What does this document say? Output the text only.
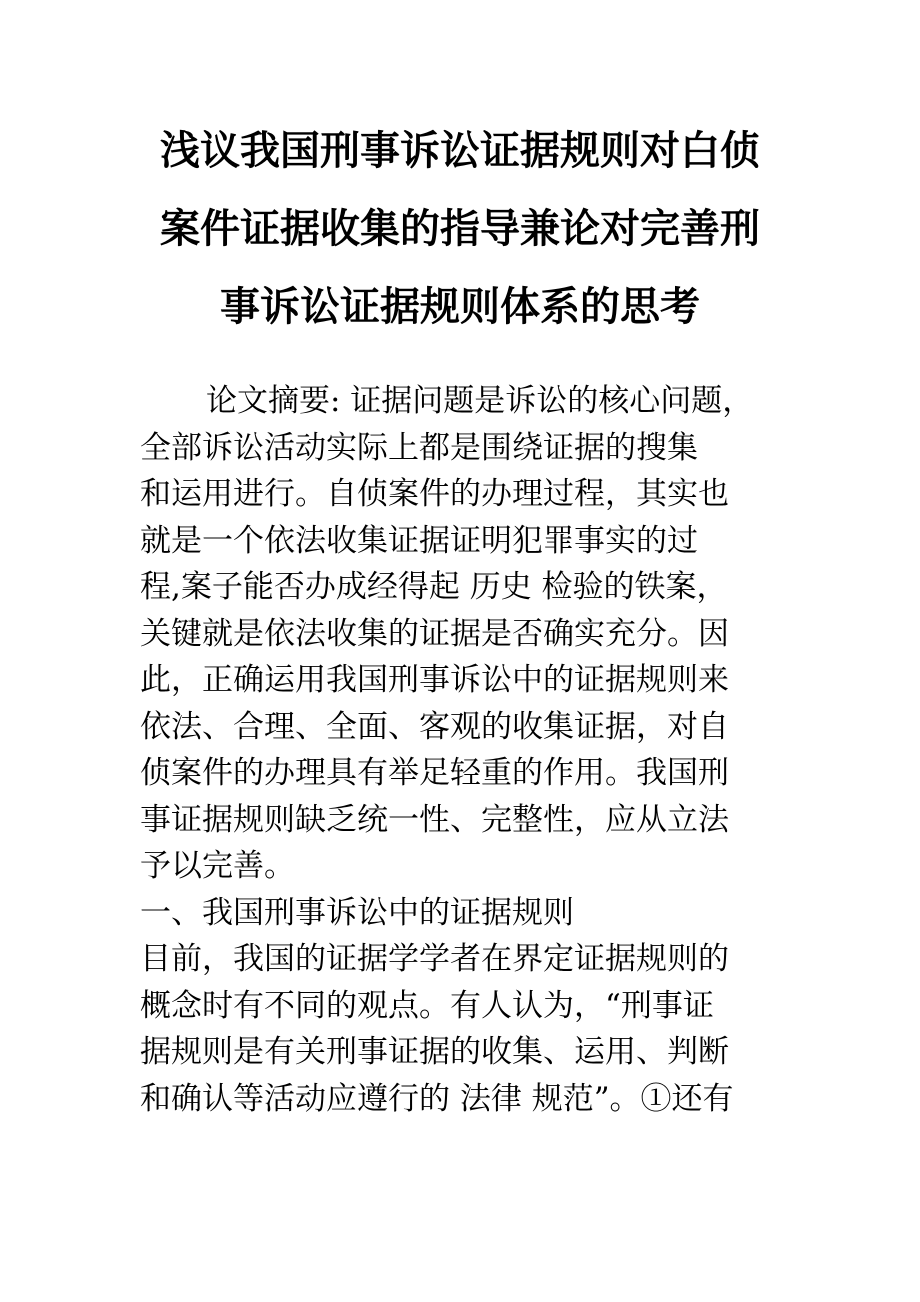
浅议我国刑事诉讼证据规则对白侦
案件证据收集的指导兼论对完善刑
事诉讼证据规则体系的思考
论文摘要: 证据问题是诉讼的核心问题，
全部诉讼活动实际上都是围绕证据的搜集
和运用进行。自侦案件的办理过程，其实也
就是一个依法收集证据证明犯罪事实的过
程,案子能否办成经得起 历史 检验的铁案，
关键就是依法收集的证据是否确实充分。因
此，正确运用我国刑事诉讼中的证据规则来
依法、合理、全面、客观的收集证据，对自
侦案件的办理具有举足轻重的作用。我国刑
事证据规则缺乏统一性、完整性，应从立法
予以完善。
一、我国刑事诉讼中的证据规则
目前，我国的证据学学者在界定证据规则的
概念时有不同的观点。有人认为，“刑事证
据规则是有关刑事证据的收集、运用、判断
和确认等活动应遵行的 法律 规范”。①还有
